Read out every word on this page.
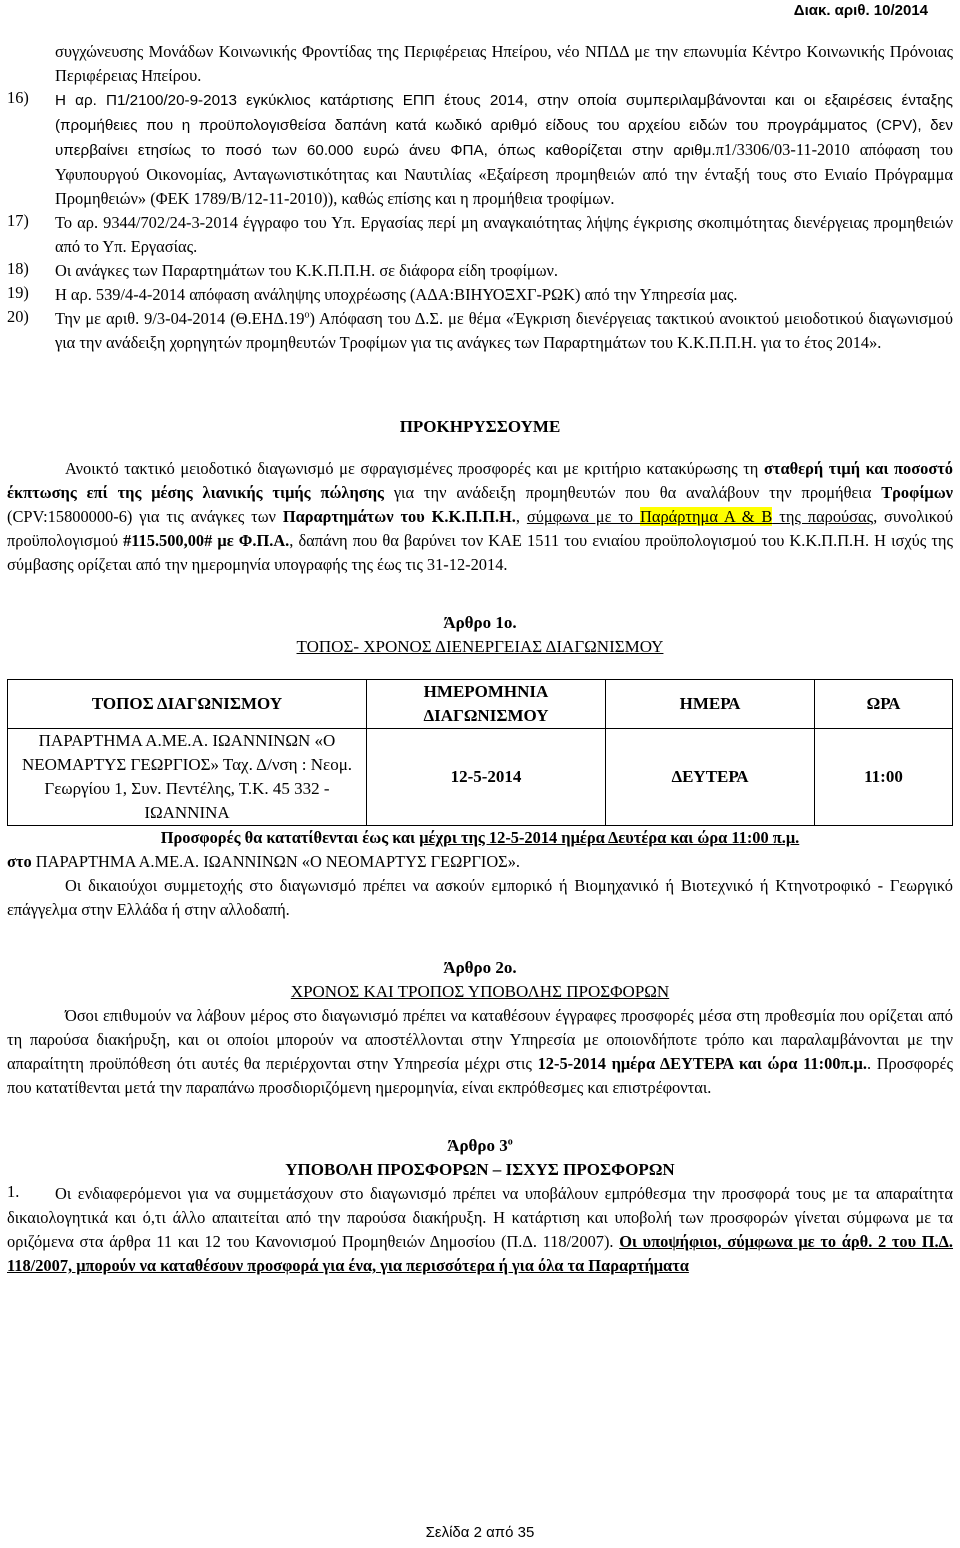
Διακ. αριθ. 10/2014

συγχώνευσης Μονάδων Κοινωνικής Φροντίδας της Περιφέρειας Ηπείρου, νέο ΝΠΔΔ με την επωνυμία Κέντρο Κοινωνικής Πρόνοιας Περιφέρειας Ηπείρου.

16)	Η αρ. Π1/2100/20-9-2013 εγκύκλιος κατάρτισης ΕΠΠ έτους 2014, στην οποία συμπεριλαμβάνονται και οι εξαιρέσεις ένταξης (προμήθειες που η προϋπολογισθείσα δαπάνη κατά κωδικό αριθμό είδους του αρχείου ειδών του προγράμματος (CPV), δεν υπερβαίνει ετησίως το ποσό των 60.000 ευρώ άνευ ΦΠΑ, όπως καθορίζεται στην αριθμ.π1/3306/03-11-2010 απόφαση του Υφυπουργού Οικονομίας, Ανταγωνιστικότητας και Ναυτιλίας «Εξαίρεση προμηθειών από την ένταξή τους στο Ενιαίο Πρόγραμμα Προμηθειών» (ΦΕΚ 1789/Β/12-11-2010)), καθώς επίσης και η προμήθεια τροφίμων.

17)	Το αρ. 9344/702/24-3-2014 έγγραφο του Υπ. Εργασίας περί μη αναγκαιότητας λήψης έγκρισης σκοπιμότητας διενέργειας προμηθειών από το Υπ. Εργασίας.

18)	Οι ανάγκες των Παραρτημάτων του Κ.Κ.Π.Π.Η. σε διάφορα είδη τροφίμων.

19)	Η αρ. 539/4-4-2014 απόφαση ανάληψης υποχρέωσης (ΑΔΑ:ΒΙΗΥΟΞΧΓ-ΡΩΚ) από την Υπηρεσία μας.

20)	Την με αριθ. 9/3-04-2014 $(\Theta.EH\Delta.19^o)$ Απόφαση του Δ.Σ. με θέμα «Έγκριση διενέργειας τακτικού ανοικτού μειοδοτικού διαγωνισμού για την ανάδειξη χορηγητών προμηθευτών Τροφίμων για τις ανάγκες των Παραρτημάτων του Κ.Κ.Π.Π.Η. για το έτος 2014».

ΠΡΟΚΗΡΥΣΣΟΥΜΕ

Ανοικτό τακτικό μειοδοτικό διαγωνισμό με σφραγισμένες προσφορές και με κριτήριο κατακύρωσης τη σταθερή τιμή και ποσοστό έκπτωσης επί της μέσης λιανικής τιμής πώλησης για την ανάδειξη προμηθευτών που θα αναλάβουν την προμήθεια Τροφίμων (CPV:15800000-6) για τις ανάγκες των Παραρτημάτων του Κ.Κ.Π.Π.Η., σύμφωνα με το Παράρτημα Α & Β της παρούσας, συνολικού προϋπολογισμού #115.500,00# με Φ.Π.Α., δαπάνη που θα βαρύνει τον ΚΑΕ 1511 του ενιαίου προϋπολογισμού του Κ.Κ.Π.Π.Η. Η ισχύς της σύμβασης ορίζεται από την ημερομηνία υπογραφής της έως τις 31-12-2014.

Άρθρο 1ο.
ΤΟΠΟΣ- ΧΡΟΝΟΣ ΔΙΕΝΕΡΓΕΙΑΣ ΔΙΑΓΩΝΙΣΜΟΥ
ΤΟΠΟΣ ΔΙΑΓΩΝΙΣΜΟΥ	ΗΜΕΡΟΜΗΝΙΑ ΔΙΑΓΩΝΙΣΜΟΥ	ΗΜΕΡΑ	ΩΡΑ
ΠΑΡΑΡΤΗΜΑ Α.ΜΕ.Α. ΙΩΑΝΝΙΝΩΝ «Ο ΝΕΟΜΑΡΤΥΣ ΓΕΩΡΓΙΟΣ» Ταχ. Δ/νση : Νεομ. Γεωργίου 1, Συν. Πεντέλης, Τ.Κ. 45 332 - ΙΩΑΝΝΙΝΑ	12-5-2014	ΔΕΥΤΕΡΑ	11:00

Προσφορές θα κατατίθενται έως και μέχρι της 12-5-2014 ημέρα Δευτέρα και ώρα 11:00 π.μ.

στο ΠΑΡΑΡΤΗΜΑ Α.ΜΕ.Α. ΙΩΑΝΝΙΝΩΝ «Ο ΝΕΟΜΑΡΤΥΣ ΓΕΩΡΓΙΟΣ».

Οι δικαιούχοι συμμετοχής στο διαγωνισμό πρέπει να ασκούν εμπορικό ή Βιομηχανικό ή Βιοτεχνικό ή Κτηνοτροφικό - Γεωργικό επάγγελμα στην Ελλάδα ή στην αλλοδαπή.

Άρθρο 2ο.
ΧΡΟΝΟΣ ΚΑΙ ΤΡΟΠΟΣ ΥΠΟΒΟΛΗΣ ΠΡΟΣΦΟΡΩΝ

Όσοι επιθυμούν να λάβουν μέρος στο διαγωνισμό πρέπει να καταθέσουν έγγραφες προσφορές μέσα στη προθεσμία που ορίζεται από τη παρούσα διακήρυξη, και οι οποίοι μπορούν να αποστέλλονται στην Υπηρεσία με οποιονδήποτε τρόπο και παραλαμβάνονται με την απαραίτητη προϋπόθεση ότι αυτές θα περιέρχονται στην Υπηρεσία μέχρι στις 12-5-2014 ημέρα ΔΕΥΤΕΡΑ και ώρα 11:00π.μ.. Προσφορές που κατατίθενται μετά την παραπάνω προσδιοριζόμενη ημερομηνία, είναι εκπρόθεσμες και επιστρέφονται.

Άρθρο $3^o$
ΥΠΟΒΟΛΗ ΠΡΟΣΦΟΡΩΝ – ΙΣΧΥΣ ΠΡΟΣΦΟΡΩΝ
1.	Οι ενδιαφερόμενοι για να συμμετάσχουν στο διαγωνισμό πρέπει να υποβάλουν εμπρόθεσμα την προσφορά τους με τα απαραίτητα δικαιολογητικά και ό,τι άλλο απαιτείται από την παρούσα διακήρυξη. Η κατάρτιση και υποβολή των προσφορών γίνεται σύμφωνα με τα οριζόμενα στα άρθρα 11 και 12 του Κανονισμού Προμηθειών Δημοσίου (Π.Δ. 118/2007). Οι υποψήφιοι, σύμφωνα με το άρθ. 2 του Π.Δ. 118/2007, μπορούν να καταθέσουν προσφορά για ένα, για περισσότερα ή για όλα τα Παραρτήματα

Σελίδα 2 από 35
